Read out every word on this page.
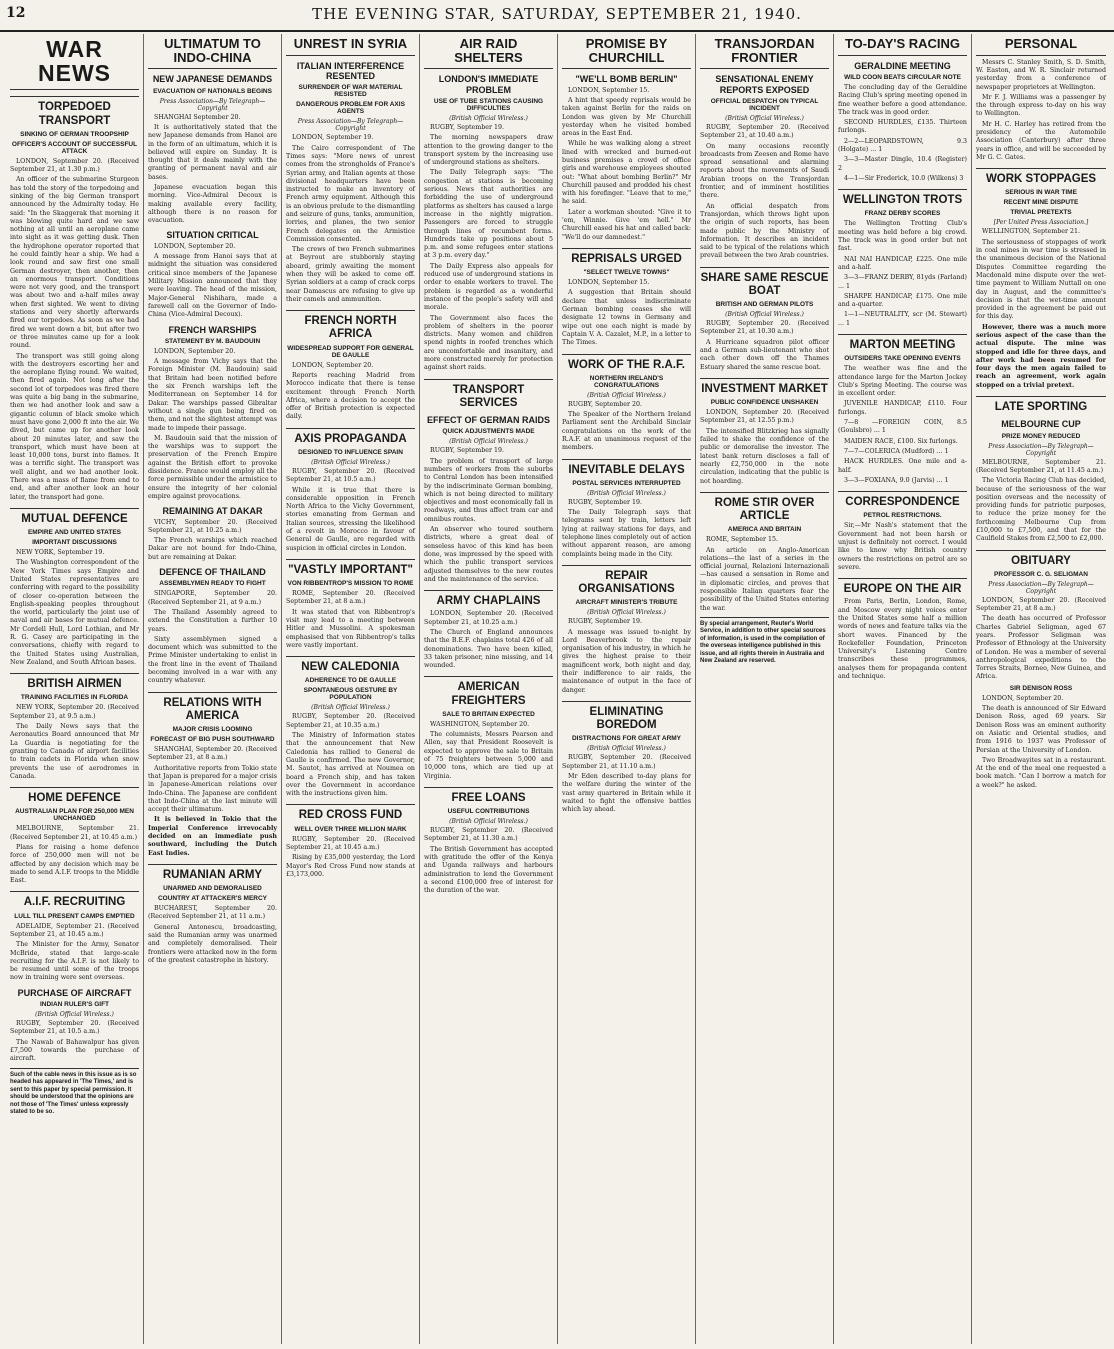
12	THE EVENING STAR, SATURDAY, SEPTEMBER 21, 1940.
WAR NEWS
TORPEDOED TRANSPORT
SINKING OF GERMAN TROOPSHIP
OFFICER'S ACCOUNT OF SUCCESSFUL ATTACK
LONDON, September 20. (Received September 21, at 1.30 p.m.)
An officer of the submarine Sturgeon has told the story of the torpedoing and sinking of the big German transport announced by the Admiralty today. He said: "In the Skaggerak that morning it was blowing quite hard and we saw nothing at all until an aeroplane came into sight as it was getting dusk. Then the hydrophone operator reported that he could faintly hear a ship. We had a look round and saw first one small German destroyer, then another, then an enormous transport. Conditions were not very good, and the transport was about two and a-half miles away when first sighted. We went to diving stations and very shortly afterwards fired our torpedoes. As soon as we had fired we went down a bit, but after two or three minutes came up for a look round.
The transport was still going along with the destroyers escorting her and the aeroplane flying round. We waited, then fired again. Not long after the second lot of torpedoes was fired there was quite a big bang in the submarine, then we had another look and saw a gigantic column of black smoke which must have gone 2,000 ft into the air. We dived, but came up for another look about 20 minutes later, and saw the transport, which must have been at least 10,000 tons, burst into flames. It was a terrific sight. The transport was well alight, and we had another look. There was a mass of flame from end to end, and after another look an hour later, the transport had gone.
MUTUAL DEFENCE
EMPIRE AND UNITED STATES
IMPORTANT DISCUSSIONS
NEW YORK, September 19.
The Washington correspondent of the New York Times says Empire and United States representatives are conferring with regard to the possibility of closer co-operation between the English-speaking peoples throughout the world, particularly the joint use of naval and air bases for mutual defence. Mr Cordell Hull, Lord Lothian, and Mr R. G. Casey are participating in the conversations, chiefly with regard to the United States using Australian, New Zealand, and South African bases.
BRITISH AIRMEN
TRAINING FACILITIES IN FLORIDA
NEW YORK, September 20. (Received September 21, at 9.5 a.m.)
The Daily News says that the Aeronautics Board announced that Mr La Guardia is negotiating for the granting to Canada of airport facilities to train cadets in Florida when snow prevents the use of aerodromes in Canada.
HOME DEFENCE
AUSTRALIAN PLAN FOR 250,000 MEN UNCHANGED
MELBOURNE, September 21. (Received September 21, at 10.45 a.m.)
Plans for raising a home defence force of 250,000 men will not be affected by any decision which may be made to send A.I.F. troops to the Middle East.
A.I.F. RECRUITING
LULL TILL PRESENT CAMPS EMPTIED
ADELAIDE, September 21. (Received September 21, at 10.45 a.m.)
The Minister for the Army, Senator McBride, stated that large-scale recruiting for the A.I.F. is not likely to be resumed until some of the troops now in training were sent overseas.
PURCHASE OF AIRCRAFT
INDIAN RULER'S GIFT
(British Official Wireless.)
RUGBY, September 20. (Received September 21, at 10.5 a.m.)
The Nawab of Bahawalpur has given £7,500 towards the purchase of aircraft.
Such of the cable news in this issue as is so headed has appeared in 'The Times,' and is sent to this paper by special permission. It should be understood that the opinions are not those of 'The Times' unless expressly stated to be so.
ULTIMATUM TO INDO-CHINA
NEW JAPANESE DEMANDS
EVACUATION OF NATIONALS BEGINS
Press Association—By Telegraph—Copyright
SHANGHAI September 20.
It is authoritatively stated that the new Japanese demands from Hanoi are in the form of an ultimatum, which it is believed will expire on Sunday. It is thought that it deals mainly with the granting of permanent naval and air bases.
Japanese evacuation began this morning. Vice-Admiral Decoux is making available every facility, although there is no reason for evacuation.
SITUATION CRITICAL
LONDON, September 20.
A message from Hanoi says that at midnight the situation was considered critical since members of the Japanese Military Mission announced that they were leaving. The head of the mission, Major-General Nishihara, made a farewell call on the Governor of Indo-China (Vice-Admiral Decoux).
FRENCH WARSHIPS
STATEMENT BY M. BAUDOUIN
LONDON, September 20.
A message from Vichy says that the Foreign Minister (M. Baudouin) said that Britain had been notified before the six French warships left the Mediterranean on September 14 for Dakar. The warships passed Gibraltar without a single gun being fired on them, and not the slightest attempt was made to impede their passage.
M. Baudouin said that the mission of the warships was to support the preservation of the French Empire against the British effort to provoke dissidence. France would employ all the force permissible under the armistice to ensure the integrity of her colonial empire against provocations.
REMAINING AT DAKAR
VICHY, September 20. (Received September 21, at 10.25 a.m.)
The French warships which reached Dakar are not bound for Indo-China, but are remaining at Dakar.
DEFENCE OF THAILAND
ASSEMBLYMEN READY TO FIGHT
SINGAPORE, September 20. (Received September 21, at 9 a.m.)
The Thailand Assembly agreed to extend the Constitution a further 10 years.
Sixty assemblymen signed a document which was submitted to the Prime Minister undertaking to enlist in the front line in the event of Thailand becoming involved in a war with any country whatever.
RELATIONS WITH AMERICA
MAJOR CRISIS LOOMING
FORECAST OF BIG PUSH SOUTHWARD
SHANGHAI, September 20. (Received September 21, at 8 a.m.)
Authoritative reports from Tokio state that Japan is prepared for a major crisis in Japanese-American relations over Indo-China. The Japanese are confident that Indo-China at the last minute will accept their ultimatum.
It is believed in Tokio that the Imperial Conference irrevocably decided on an immediate push southward, including the Dutch East Indies.
RUMANIAN ARMY
UNARMED AND DEMORALISED
COUNTRY AT ATTACKER'S MERCY
BUCHAREST, September 20. (Received September 21, at 11 a.m.)
General Antonescu, broadcasting, said the Rumanian army was unarmed and completely demoralised. Their frontiers were attacked now in the form of the greatest catastrophe in history.
UNREST IN SYRIA
ITALIAN INTERFERENCE RESENTED
SURRENDER OF WAR MATERIAL RESISTED
DANGEROUS PROBLEM FOR AXIS AGENTS
Press Association—By Telegraph—Copyright
LONDON, September 19.
The Cairo correspondent of The Times says: "More news of unrest comes from the strongholds of France's Syrian army, and Italian agents at those divisional headquarters have been instructed to make an inventory of French army equipment. Although this is an obvious prelude to the dismantling and seizure of guns, tanks, ammunition, lorries, and planes, the two senior French delegates on the Armistice Commission consented.
The crews of two French submarines at Beyrout are stubbornly staying aboard, grimly awaiting the moment when they will be asked to come off. Syrian soldiers at a camp of crack corps near Damascus are refusing to give up their camels and ammunition.
FRENCH NORTH AFRICA
WIDESPREAD SUPPORT FOR GENERAL DE GAULLE
LONDON, September 20.
Reports reaching Madrid from Morocco indicate that there is tense excitement through French North Africa, where a decision to accept the offer of British protection is expected daily.
AXIS PROPAGANDA
DESIGNED TO INFLUENCE SPAIN
(British Official Wireless.)
RUGBY, September 20. (Received September 21, at 10.5 a.m.)
While it is true that there is considerable opposition in French North Africa to the Vichy Government, stories emanating from German and Italian sources, stressing the likelihood of a revolt in Morocco in favour of General de Gaulle, are regarded with suspicion in official circles in London.
"VASTLY IMPORTANT"
VON RIBBENTROP'S MISSION TO ROME
ROME, September 20. (Received September 21, at 8 a.m.)
It was stated that von Ribbentrop's visit may lead to a meeting between Hitler and Mussolini. A spokesman emphasised that von Ribbentrop's talks were vastly important.
NEW CALEDONIA
ADHERENCE TO DE GAULLE
SPONTANEOUS GESTURE BY POPULATION
(British Official Wireless.)
RUGBY, September 20. (Received September 21, at 10.35 a.m.)
The Ministry of Information states that the announcement that New Caledonia has rallied to General de Gaulle is confirmed. The new Governor, M. Sautot, has arrived at Noumea on board a French ship, and has taken over the Government in accordance with the instructions given him.
RED CROSS FUND
WELL OVER THREE MILLION MARK
RUGBY, September 20. (Received September 21, at 10.45 a.m.)
Rising by £35,000 yesterday, the Lord Mayor's Red Cross Fund now stands at £3,173,000.
AIR RAID SHELTERS
LONDON'S IMMEDIATE PROBLEM
USE OF TUBE STATIONS CAUSING DIFFICULTIES
(British Official Wireless.)
RUGBY, September 19.
The morning newspapers draw attention to the growing danger to the transport system by the increasing use of underground stations as shelters.
The Daily Telegraph says: "The congestion at stations is becoming serious. News that authorities are forbidding the use of underground platforms as shelters has caused a large increase in the nightly migration. Passengers are forced to struggle through lines of recumbent forms. Hundreds take up positions about 5 p.m. and some refugees enter stations at 3 p.m. every day."
The Daily Express also appeals for reduced use of underground stations in order to enable workers to travel. The problem is regarded as a wonderful instance of the people's safety will and morale.
The Government also faces the problem of shelters in the poorer districts. Many women and children spend nights in roofed trenches which are uncomfortable and insanitary, and more constructed merely for protection against short raids.
TRANSPORT SERVICES
EFFECT OF GERMAN RAIDS
QUICK ADJUSTMENTS MADE
(British Official Wireless.)
RUGBY, September 19.
The problem of transport of large numbers of workers from the suburbs to Central London has been intensified by the indiscriminate German bombing, which is not being directed to military objectives and most economically fall in roadways, and thus affect tram car and omnibus routes.
An observer who toured southern districts, where a great deal of senseless havoc of this kind has been done, was impressed by the speed with which the public transport services adjusted themselves to the new routes and the maintenance of the service.
ARMY CHAPLAINS
LONDON, September 20. (Received September 21, at 10.25 a.m.)
The Church of England announces that the B.E.F. chaplains total 426 of all denominations. Two have been killed, 33 taken prisoner, nine missing, and 14 wounded.
AMERICAN FREIGHTERS
SALE TO BRITAIN EXPECTED
WASHINGTON, September 20.
The columnists, Messrs Pearson and Allen, say that President Roosevelt is expected to approve the sale to Britain of 75 freighters between 5,000 and 10,000 tons, which are tied up at Virginia.
FREE LOANS
USEFUL CONTRIBUTIONS
(British Official Wireless.)
RUGBY, September 20. (Received September 21, at 11.30 a.m.)
The British Government has accepted with gratitude the offer of the Kenya and Uganda railways and harbours administration to lend the Government a second £100,000 free of interest for the duration of the war.
PROMISE BY CHURCHILL
"WE'LL BOMB BERLIN"
LONDON, September 15.
A hint that speedy reprisals would be taken against Berlin for the raids on London was given by Mr Churchill yesterday when he visited bombed areas in the East End.
While he was walking along a street lined with wrecked and burned-out business premises a crowd of office girls and warehouse employees shouted out: "What about bombing Berlin?" Mr Churchill paused and prodded his chest with his forefinger. "Leave that to me," he said.
Later a workman shouted: "Give it to 'em, Winnie. Give 'em hell." Mr Churchill eased his hat and called back: "We'll do our damnedest."
REPRISALS URGED
"SELECT TWELVE TOWNS"
LONDON, September 15.
A suggestion that Britain should declare that unless indiscriminate German bombing ceases she will designate 12 towns in Germany and wipe out one each night is made by Captain V. A. Cazalet, M.P., in a letter to The Times.
WORK OF THE R.A.F.
NORTHERN IRELAND'S CONGRATULATIONS
(British Official Wireless.)
RUGBY, September 20.
The Speaker of the Northern Ireland Parliament sent the Archibald Sinclair congratulations on the work of the R.A.F. at an unanimous request of the members.
INEVITABLE DELAYS
POSTAL SERVICES INTERRUPTED
(British Official Wireless.)
RUGBY, September 19.
The Daily Telegraph says that telegrams sent by train, letters left lying at railway stations for days, and telephone lines completely out of action without apparent reason, are among complaints being made in the City.
REPAIR ORGANISATIONS
AIRCRAFT MINISTER'S TRIBUTE
(British Official Wireless.)
RUGBY, September 19.
A message was issued to-night by Lord Beaverbrook to the repair organisation of his industry, in which he gives the highest praise to their magnificent work, both night and day, their indifference to air raids, the maintenance of output in the face of danger.
ELIMINATING BOREDOM
DISTRACTIONS FOR GREAT ARMY
(British Official Wireless.)
RUGBY, September 20. (Received September 21, at 11.10 a.m.)
Mr Eden described to-day plans for the welfare during the winter of the vast army quartered in Britain while it waited to fight the offensive battles which lay ahead.
TRANSJORDAN FRONTIER
SENSATIONAL ENEMY REPORTS EXPOSED
OFFICIAL DESPATCH ON TYPICAL INCIDENT
(British Official Wireless.)
RUGBY, September 20. (Received September 21, at 10.40 a.m.)
On many occasions recently broadcasts from Zeesen and Rome have spread sensational and alarming reports about the movements of Saudi Arabian troops on the Transjordan frontier, and of imminent hostilities there.
An official despatch from Transjordan, which throws light upon the origin of such reports, has been made public by the Ministry of Information. It describes an incident said to be typical of the relations which prevail between the two Arab countries.
SHARE SAME RESCUE BOAT
BRITISH AND GERMAN PILOTS
(British Official Wireless.)
RUGBY, September 20. (Received September 21, at 10.30 a.m.)
A Hurricane squadron pilot officer and a German sub-lieutenant who shot each other down off the Thames Estuary shared the same rescue boat.
INVESTMENT MARKET
PUBLIC CONFIDENCE UNSHAKEN
LONDON, September 20. (Received September 21, at 12.55 p.m.)
The intensified Blitzkrieg has signally failed to shake the confidence of the public or demoralise the investor. The latest bank return discloses a fall of nearly £2,750,000 in the note circulation, indicating that the public is not hoarding.
ROME STIR OVER ARTICLE
AMERICA AND BRITAIN
ROME, September 15.
An article on Anglo-American relations—the last of a series in the official journal, Relazioni Internazionali—has caused a sensation in Rome and in diplomatic circles, and proves that responsible Italian quarters fear the possibility of the United States entering the war.
By special arrangement, Reuter's World Service, in addition to other special sources of information, is used in the compilation of the overseas intelligence published in this issue, and all rights therein in Australia and New Zealand are reserved.
TO-DAY'S RACING
GERALDINE MEETING
WILD COON BEATS CIRCULAR NOTE
The concluding day of the Geraldine Racing Club's spring meeting opened in fine weather before a good attendance. The track was in good order.
SECOND HURDLES, £135. Thirteen furlongs.
2—2—LEOPARDSTOWN, 9.3 (Holgate) ... 1
3—3—Master Dingle, 10.4 (Register) 2
4—1—Sir Frederick, 10.0 (Wilkens) 3
WELLINGTON TROTS
FRANZ DERBY SCORES
The Wellington Trotting Club's meeting was held before a big crowd. The track was in good order but not fast.
NAI NAI HANDICAP, £225. One mile and a-half.
3—3—FRANZ DERBY, 81yds (Farland) ... 1
SHARPE HANDICAP, £175. One mile and a-quarter.
1—1—NEUTRALITY, scr (M. Stewart) ... 1
MARTON MEETING
OUTSIDERS TAKE OPENING EVENTS
The weather was fine and the attendance large for the Marton Jockey Club's Spring Meeting. The course was in excellent order.
JUVENILE HANDICAP, £110. Four furlongs.
7—8 —FOREIGN COIN, 8.5 (Goulsbro) ... 1
MAIDEN RACE, £100. Six furlongs.
7—7—COLERICA (Mudford) ... 1
HACK HURDLES. One mile and a-half.
3—3—FOXIANA, 9.0 (Jarvis) ... 1
CORRESPONDENCE
PETROL RESTRICTIONS.
Sir,—Mr Nash's statement that the Government had not been harsh or unjust is definitely not correct. I would like to know why British country owners the restrictions on petrol are so severe.
EUROPE ON THE AIR
From Paris, Berlin, London, Rome, and Moscow every night voices enter the United States some half a million words of news and feature talks via the short waves. Financed by the Rockefeller Foundation, Princeton University's Listening Centre transcribes these programmes, analyses them for propaganda content and technique.
PERSONAL
Messrs C. Stanley Smith, S. D. Smith, W. Easton, and W. R. Sinclair returned yesterday from a conference of newspaper proprietors at Wellington.
Mr F. J. Williams was a passenger by the through express to-day on his way to Wellington.
Mr H. C. Harley has retired from the presidency of the Automobile Association (Canterbury) after three years in office, and will be succeeded by Mr G. C. Gates.
WORK STOPPAGES
SERIOUS IN WAR TIME
RECENT MINE DISPUTE
TRIVIAL PRETEXTS
[Per United Press Association.]
WELLINGTON, September 21.
The seriousness of stoppages of work in coal mines in war time is stressed in the unanimous decision of the National Disputes Committee regarding the Macdonald mine dispute over the wet-time payment to William Nuttall on one day in August, and the committee's decision is that the wet-time amount provided in the agreement be paid out for this day.
However, there was a much more serious aspect of the case than the actual dispute. The mine was stopped and idle for three days, and after work had been resumed for four days the men again failed to reach an agreement, work again stopped on a trivial pretext.
LATE SPORTING
MELBOURNE CUP
PRIZE MONEY REDUCED
Press Association—By Telegraph—Copyright
MELBOURNE, September 21. (Received September 21, at 11.45 a.m.)
The Victoria Racing Club has decided, because of the seriousness of the war position overseas and the necessity of providing funds for patriotic purposes, to reduce the prize money for the forthcoming Melbourne Cup from £10,000 to £7,500, and that for the Caulfield Stakes from £2,500 to £2,000.
OBITUARY
PROFESSOR C. G. SELIGMAN
Press Association—By Telegraph—Copyright
LONDON, September 20. (Received September 21, at 8 a.m.)
The death has occurred of Professor Charles Gabriel Seligman, aged 67 years. Professor Seligman was Professor of Ethnology at the University of London. He was a member of several anthropological expeditions to the Torres Straits, Borneo, New Guinea, and Africa.
SIR DENISON ROSS
LONDON, September 20.
The death is announced of Sir Edward Denison Ross, aged 69 years. Sir Denison Ross was an eminent authority on Asiatic and Oriental studies, and from 1916 to 1937 was Professor of Persian at the University of London.
Two Broadwayites sat in a restaurant. At the end of the meal one requested a book match. "Can I borrow a match for a week?" he asked.
